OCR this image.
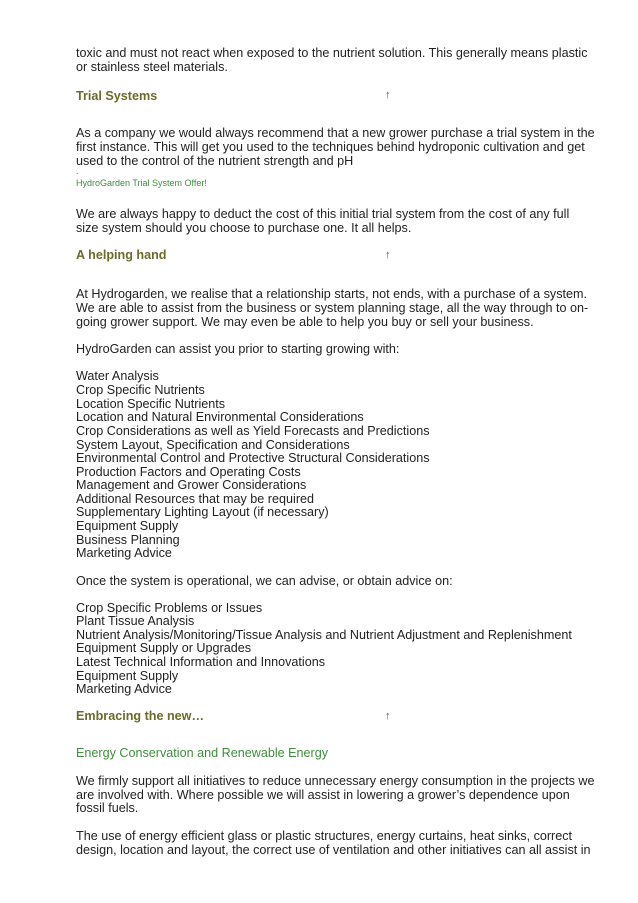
toxic and must not react when exposed to the nutrient solution. This generally means plastic
or stainless steel materials.
Trial Systems	↑
As a company we would always recommend that a new grower purchase a trial system in the
first instance. This will get you used to the techniques behind hydroponic cultivation and get
used to the control of the nutrient strength and pH
.
HydroGarden Trial System Offer!
We are always happy to deduct the cost of this initial trial system from the cost of any full
size system should you choose to purchase one. It all helps.
A helping hand	↑
At Hydrogarden, we realise that a relationship starts, not ends, with a purchase of a system.
We are able to assist from the business or system planning stage, all the way through to on-
going grower support. We may even be able to help you buy or sell your business.
HydroGarden can assist you prior to starting growing with:
Water Analysis
Crop Specific Nutrients
Location Specific Nutrients
Location and Natural Environmental Considerations
Crop Considerations as well as Yield Forecasts and Predictions
System Layout, Specification and Considerations
Environmental Control and Protective Structural Considerations
Production Factors and Operating Costs
Management and Grower Considerations
Additional Resources that may be required
Supplementary Lighting Layout (if necessary)
Equipment Supply
Business Planning
Marketing Advice
Once the system is operational, we can advise, or obtain advice on:
Crop Specific Problems or Issues
Plant Tissue Analysis
Nutrient Analysis/Monitoring/Tissue Analysis and Nutrient Adjustment and Replenishment
Equipment Supply or Upgrades
Latest Technical Information and Innovations
Equipment Supply
Marketing Advice
Embracing the new…	↑
Energy Conservation and Renewable Energy
We firmly support all initiatives to reduce unnecessary energy consumption in the projects we
are involved with. Where possible we will assist in lowering a grower’s dependence upon
fossil fuels.
The use of energy efficient glass or plastic structures, energy curtains, heat sinks, correct
design, location and layout, the correct use of ventilation and other initiatives can all assist in
